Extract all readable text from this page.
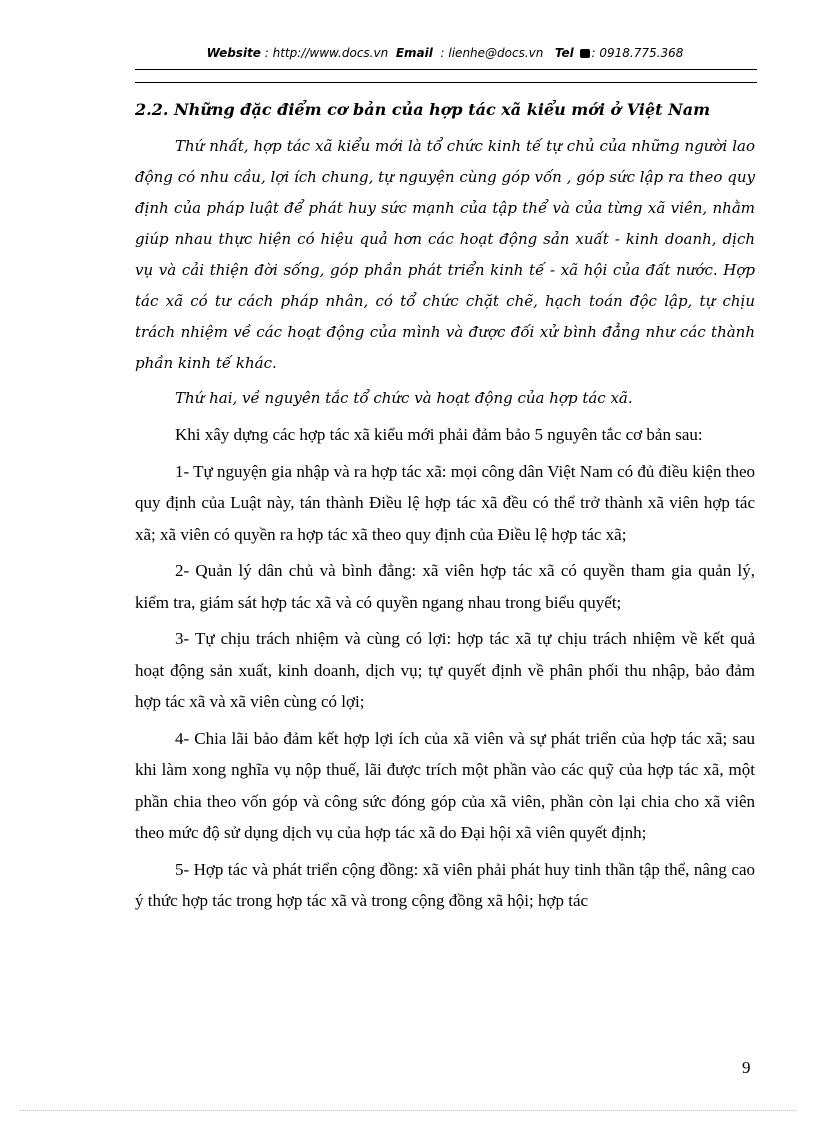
Website : http://www.docs.vn Email : lienhe@docs.vn Tel : 0918.775.368
2.2. Những đặc điểm cơ bản của hợp tác xã kiểu mới ở Việt Nam

Thứ nhất, hợp tác xã kiểu mới là tổ chức kinh tế tự chủ của những người lao động có nhu cầu, lợi ích chung, tự nguyện cùng góp vốn , góp sức lập ra theo quy định của pháp luật để phát huy sức mạnh của tập thể và của từng xã viên, nhằm giúp nhau thực hiện có hiệu quả hơn các hoạt động sản xuất - kinh doanh, dịch vụ và cải thiện đời sống, góp phần phát triển kinh tế - xã hội của đất nước. Hợp tác xã có tư cách pháp nhân, có tổ chức chặt chẽ, hạch toán độc lập, tự chịu trách nhiệm về các hoạt động của mình và được đối xử bình đẳng như các thành phần kinh tế khác.

Thứ hai, về nguyên tắc tổ chức và hoạt động của hợp tác xã.

Khi xây dựng các hợp tác xã kiểu mới phải đảm bảo 5 nguyên tắc cơ bản sau:

1- Tự nguyện gia nhập và ra hợp tác xã: mọi công dân Việt Nam có đủ điều kiện theo quy định của Luật này, tán thành Điều lệ hợp tác xã đều có thể trở thành xã viên hợp tác xã; xã viên có quyền ra hợp tác xã theo quy định của Điều lệ hợp tác xã;

2- Quản lý dân chủ và bình đẳng: xã viên hợp tác xã có quyền tham gia quản lý, kiểm tra, giám sát hợp tác xã và có quyền ngang nhau trong biểu quyết;

3- Tự chịu trách nhiệm và cùng có lợi: hợp tác xã tự chịu trách nhiệm về kết quả hoạt động sản xuất, kinh doanh, dịch vụ; tự quyết định về phân phối thu nhập, bảo đảm hợp tác xã và xã viên cùng có lợi;

4- Chia lãi bảo đảm kết hợp lợi ích của xã viên và sự phát triển của hợp tác xã; sau khi làm xong nghĩa vụ nộp thuế, lãi được trích một phần vào các quỹ của hợp tác xã, một phần chia theo vốn góp và công sức đóng góp của xã viên, phần còn lại chia cho xã viên theo mức độ sử dụng dịch vụ của hợp tác xã do Đại hội xã viên quyết định;

5- Hợp tác và phát triển cộng đồng: xã viên phải phát huy tinh thần tập thể, nâng cao ý thức hợp tác trong hợp tác xã và trong cộng đồng xã hội; hợp tác

9
